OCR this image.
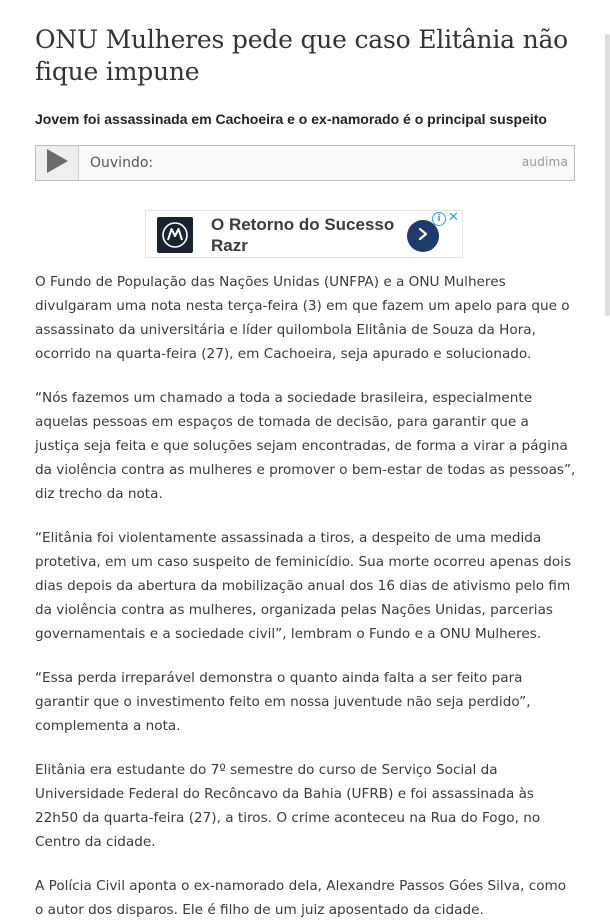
ONU Mulheres pede que caso Elitânia não fique impune

Jovem foi assassinada em Cachoeira e o ex-namorado é o principal suspeito

Ouvindo:	audima
O Retorno do Sucesso Razr
i ✕

O Fundo de População das Nações Unidas (UNFPA) e a ONU Mulheres divulgaram uma nota nesta terça-feira (3) em que fazem um apelo para que o assassinato da universitária e líder quilombola Elitânia de Souza da Hora, ocorrido na quarta-feira (27), em Cachoeira, seja apurado e solucionado.

“Nós fazemos um chamado a toda a sociedade brasileira, especialmente aquelas pessoas em espaços de tomada de decisão, para garantir que a justiça seja feita e que soluções sejam encontradas, de forma a virar a página da violência contra as mulheres e promover o bem-estar de todas as pessoas”, diz trecho da nota.

“Elitânia foi violentamente assassinada a tiros, a despeito de uma medida protetiva, em um caso suspeito de feminicídio. Sua morte ocorreu apenas dois dias depois da abertura da mobilização anual dos 16 dias de ativismo pelo fim da violência contra as mulheres, organizada pelas Nações Unidas, parcerias governamentais e a sociedade civil”, lembram o Fundo e a ONU Mulheres.

“Essa perda irreparável demonstra o quanto ainda falta a ser feito para garantir que o investimento feito em nossa juventude não seja perdido”, complementa a nota.

Elitânia era estudante do 7º semestre do curso de Serviço Social da Universidade Federal do Recôncavo da Bahia (UFRB) e foi assassinada às 22h50 da quarta-feira (27), a tiros. O crime aconteceu na Rua do Fogo, no Centro da cidade.

A Polícia Civil aponta o ex-namorado dela, Alexandre Passos Góes Silva, como o autor dos disparos. Ele é filho de um juiz aposentado da cidade.
